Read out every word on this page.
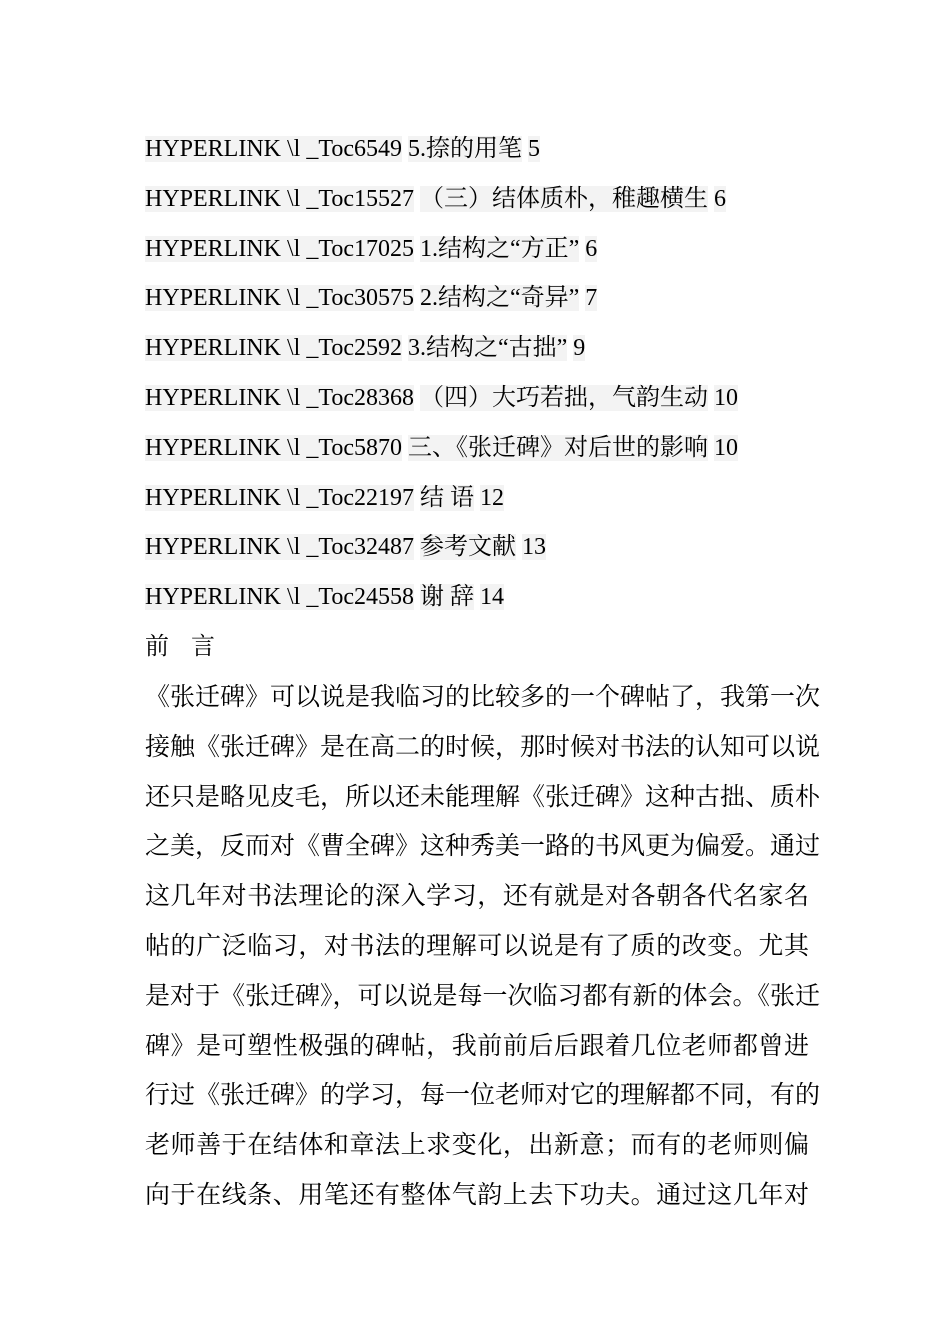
HYPERLINK \l _Toc6549 5.捺的用笔 5
HYPERLINK \l _Toc15527 （三）结体质朴，稚趣横生 6
HYPERLINK \l _Toc17025 1.结构之“方正” 6
HYPERLINK \l _Toc30575 2.结构之“奇异” 7
HYPERLINK \l _Toc2592 3.结构之“古拙” 9
HYPERLINK \l _Toc28368 （四）大巧若拙，气韵生动 10
HYPERLINK \l _Toc5870 三、《张迁碑》对后世的影响 10
HYPERLINK \l _Toc22197 结 语 12
HYPERLINK \l _Toc32487 参考文献 13
HYPERLINK \l _Toc24558 谢 辞 14
前 言
《张迁碑》可以说是我临习的比较多的一个碑帖了，我第一次
接触《张迁碑》是在高二的时候，那时候对书法的认知可以说
还只是略见皮毛，所以还未能理解《张迁碑》这种古拙、质朴
之美，反而对《曹全碑》这种秀美一路的书风更为偏爱。通过
这几年对书法理论的深入学习，还有就是对各朝各代名家名
帖的广泛临习，对书法的理解可以说是有了质的改变。尤其
是对于《张迁碑》，可以说是每一次临习都有新的体会。《张迁
碑》是可塑性极强的碑帖，我前前后后跟着几位老师都曾进
行过《张迁碑》的学习，每一位老师对它的理解都不同，有的
老师善于在结体和章法上求变化，出新意；而有的老师则偏
向于在线条、用笔还有整体气韵上去下功夫。通过这几年对
